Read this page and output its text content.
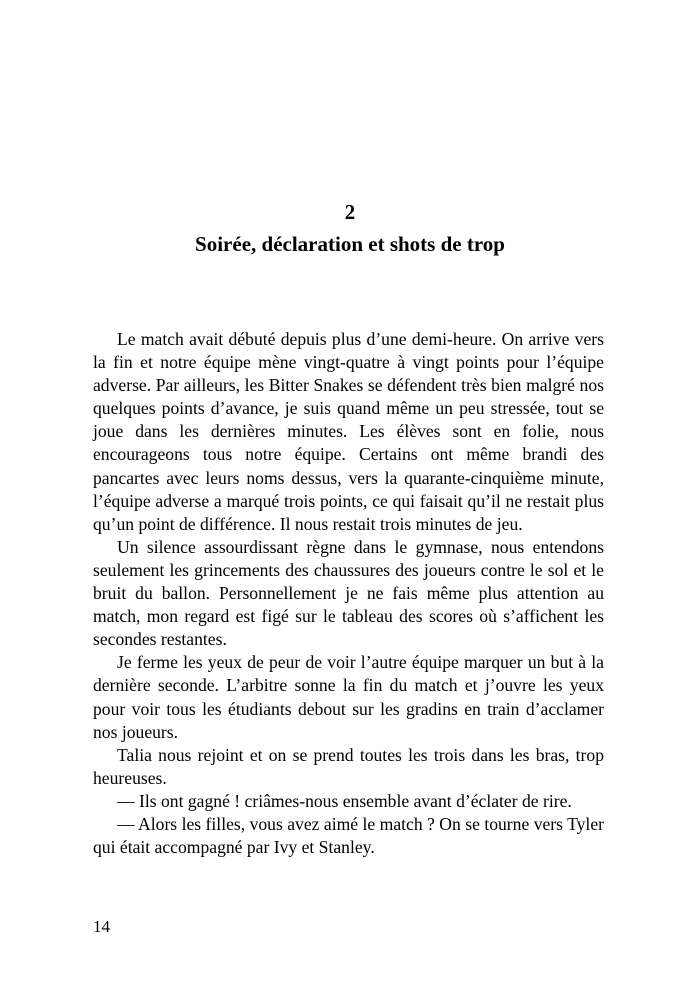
2
Soirée, déclaration et shots de trop

Le match avait débuté depuis plus d’une demi-heure. On arrive vers la fin et notre équipe mène vingt-quatre à vingt points pour l’équipe adverse. Par ailleurs, les Bitter Snakes se défendent très bien malgré nos quelques points d’avance, je suis quand même un peu stressée, tout se joue dans les dernières minutes. Les élèves sont en folie, nous encourageons tous notre équipe. Certains ont même brandi des pancartes avec leurs noms dessus, vers la quarante-cinquième minute, l’équipe adverse a marqué trois points, ce qui faisait qu’il ne restait plus qu’un point de différence. Il nous restait trois minutes de jeu.

Un silence assourdissant règne dans le gymnase, nous entendons seulement les grincements des chaussures des joueurs contre le sol et le bruit du ballon. Personnellement je ne fais même plus attention au match, mon regard est figé sur le tableau des scores où s’affichent les secondes restantes.

Je ferme les yeux de peur de voir l’autre équipe marquer un but à la dernière seconde. L’arbitre sonne la fin du match et j’ouvre les yeux pour voir tous les étudiants debout sur les gradins en train d’acclamer nos joueurs.

Talia nous rejoint et on se prend toutes les trois dans les bras, trop heureuses.

— Ils ont gagné ! criâmes-nous ensemble avant d’éclater de rire.

— Alors les filles, vous avez aimé le match ? On se tourne vers Tyler qui était accompagné par Ivy et Stanley.

14
